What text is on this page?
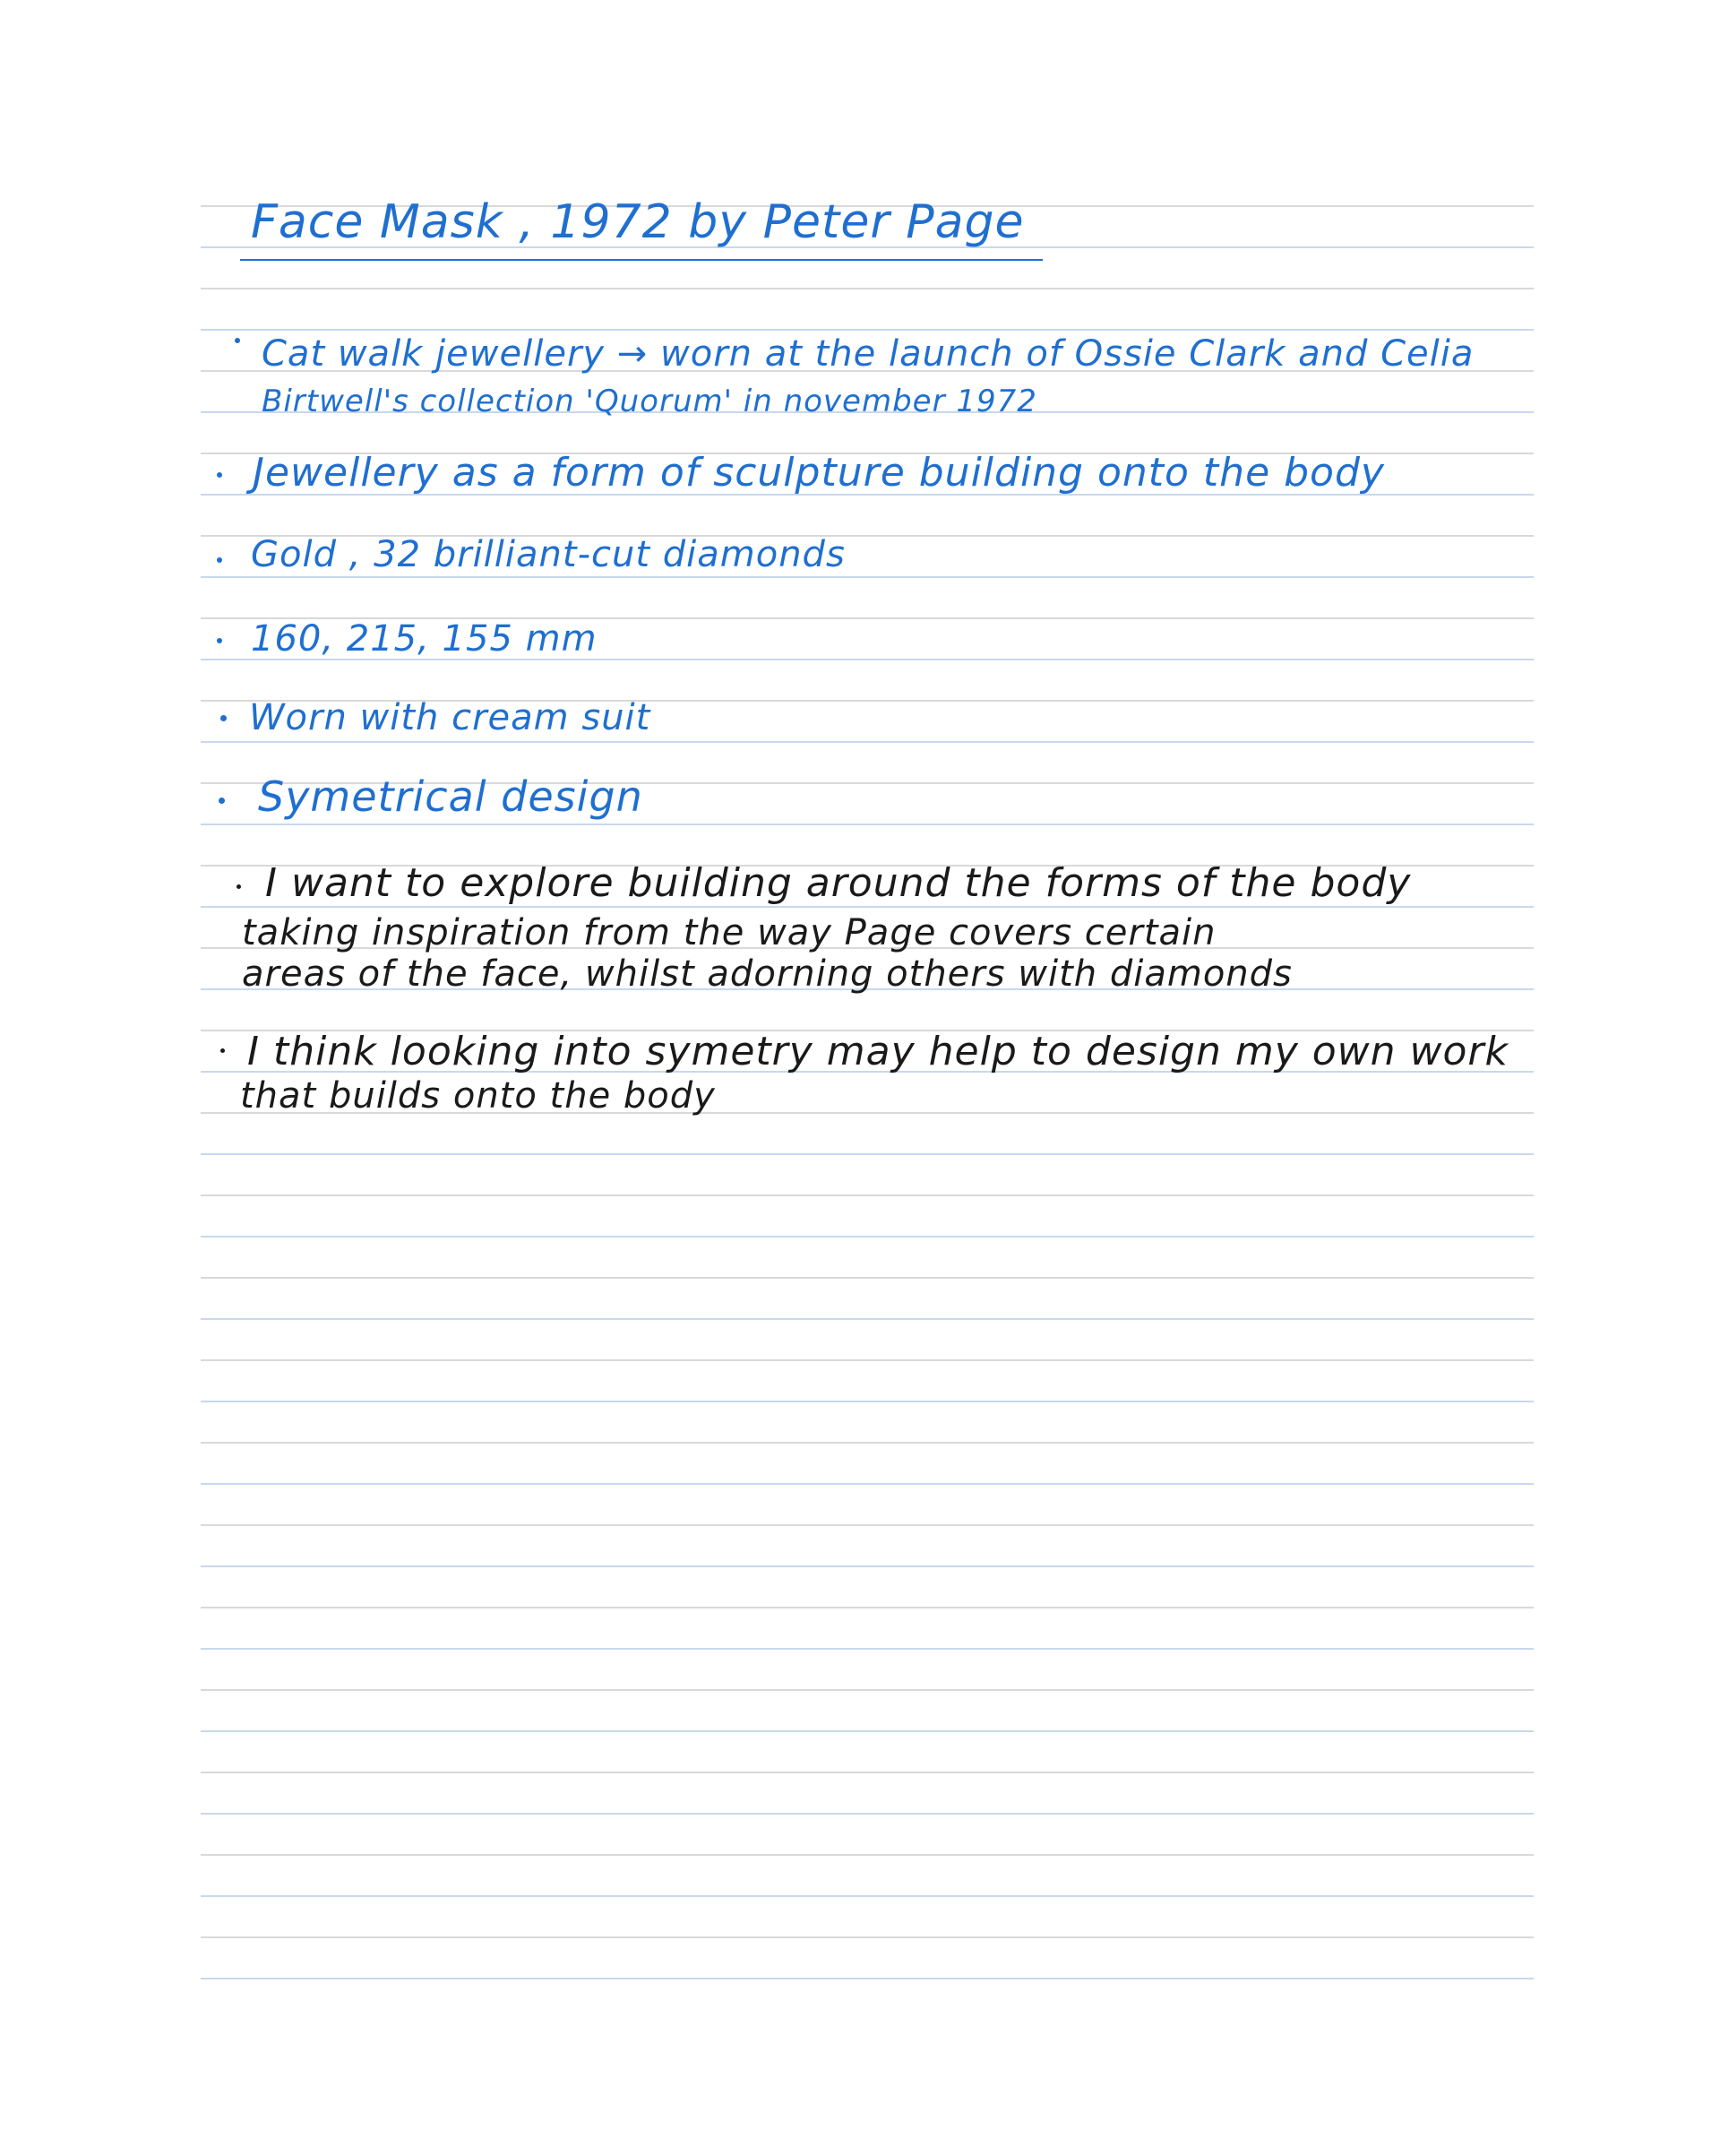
Face Mask , 1972 by Peter Page

Cat walk jewellery → worn at the launch of Ossie Clark and Celia

Birtwell's collection 'Quorum' in november 1972

Jewellery as a form of sculpture building onto the body

Gold , 32 brilliant-cut diamonds

160, 215, 155 mm

Worn with cream suit

Symetrical design

I want to explore building around the forms of the body

taking inspiration from the way Page covers certain

areas of the face, whilst adorning others with diamonds

I think looking into symetry may help to design my own work

that builds onto the body
